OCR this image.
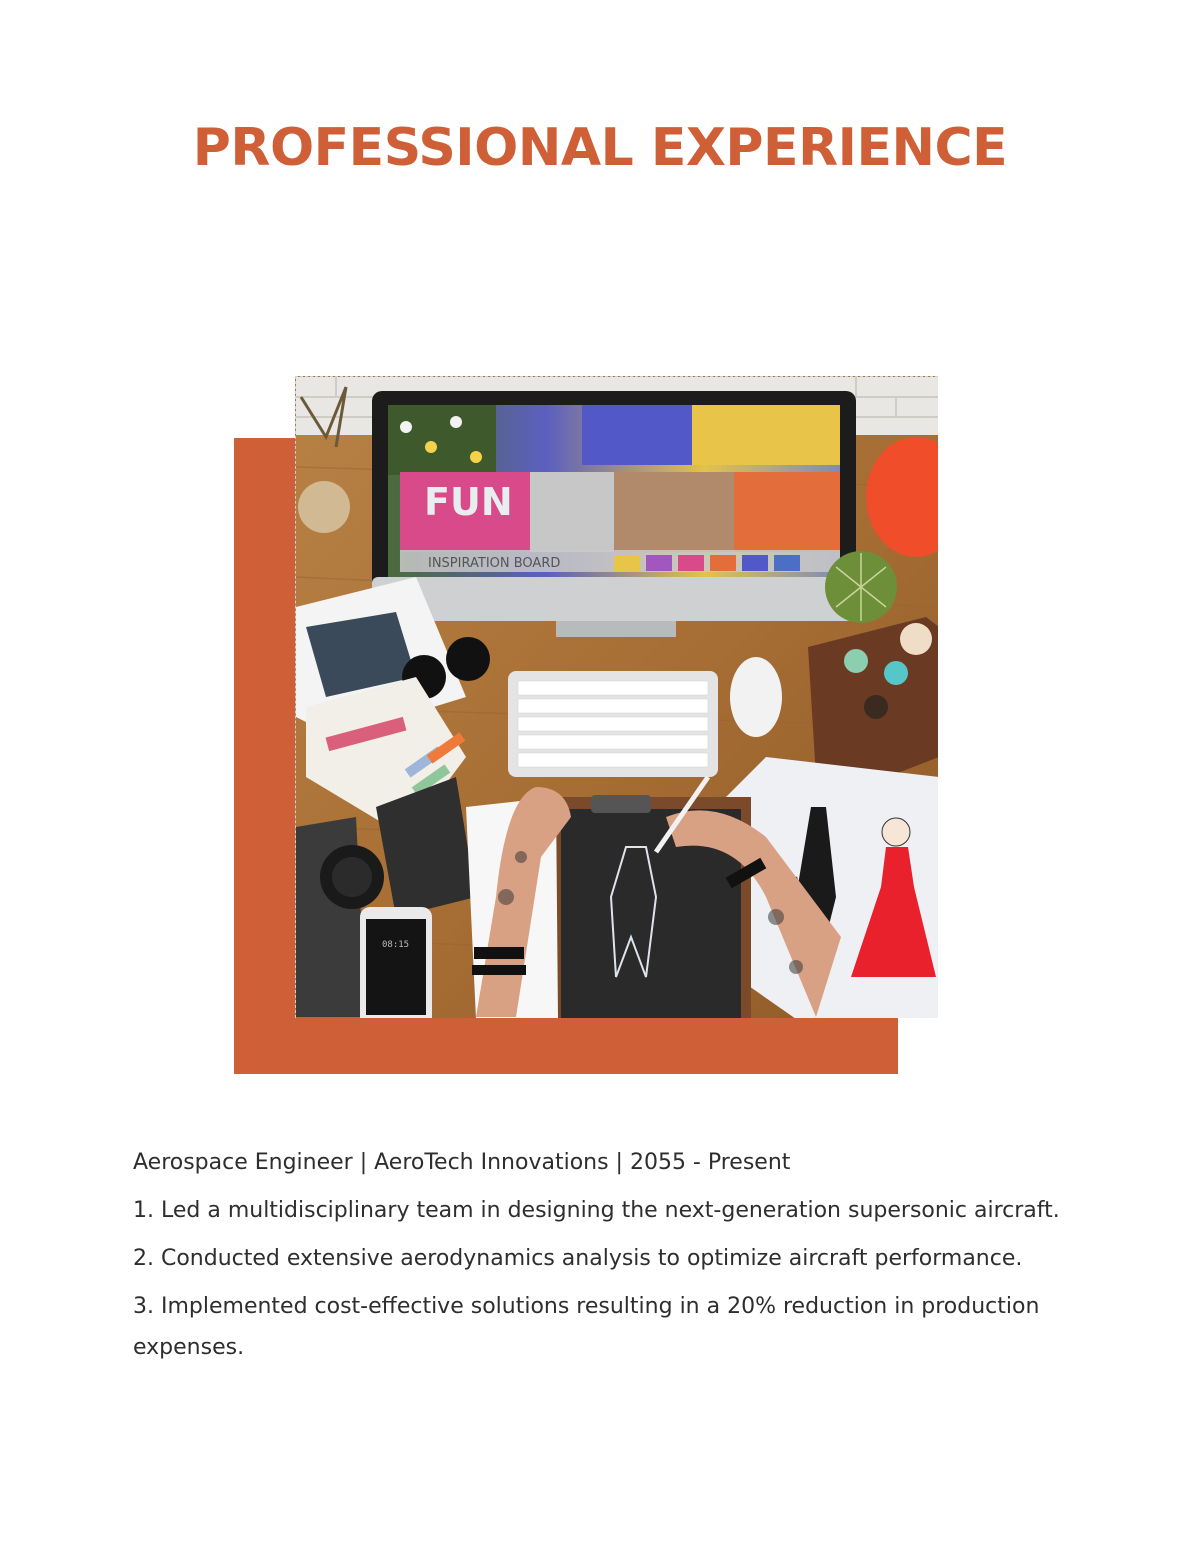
PROFESSIONAL EXPERIENCE
FUN
INSPIRATION BOARD
08:15

Aerospace Engineer | AeroTech Innovations | 2055 - Present

1. Led a multidisciplinary team in designing the next-generation supersonic aircraft.

2. Conducted extensive aerodynamics analysis to optimize aircraft performance.

3. Implemented cost-effective solutions resulting in a 20% reduction in production expenses.
